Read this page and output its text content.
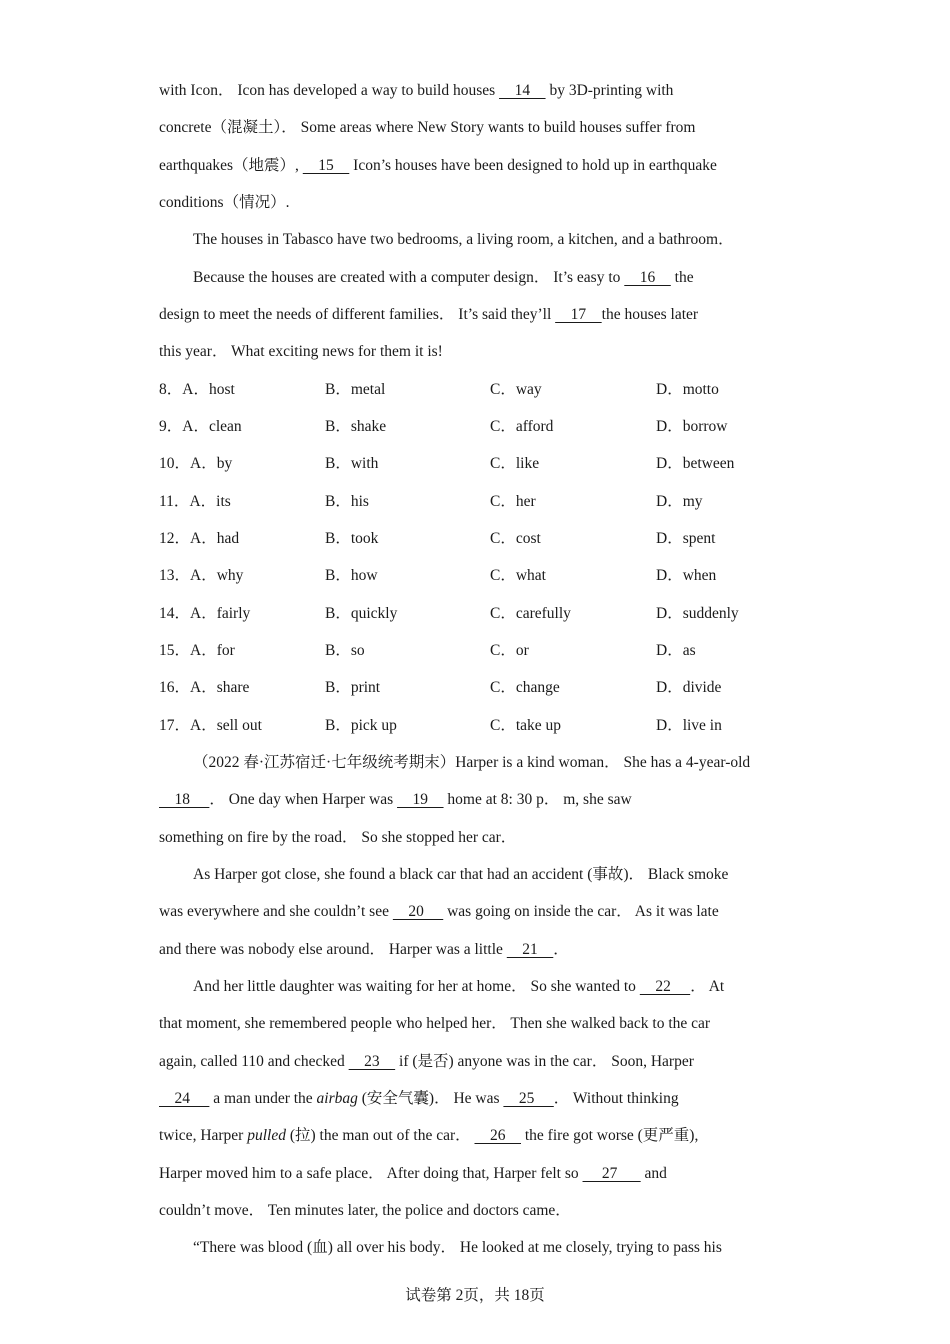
with Icon． Icon has developed a way to build houses     14     by 3D-printing with
concrete（混凝土）． Some areas where New Story wants to build houses suffer from
earthquakes（地震）,     15     Icon’s houses have been designed to hold up in earthquake
conditions（情况）.
The houses in Tabasco have two bedrooms, a living room, a kitchen, and a bathroom．
Because the houses are created with a computer design． It’s easy to     16     the
design to meet the needs of different families． It’s said they’ll     17    the houses later
this year． What exciting news for them it is!
8．A．host	B．metal	C．way	D．motto
9．A．clean	B．shake	C．afford	D．borrow
10．A．by	B．with	C．like	D．between
11．A．its	B．his	C．her	D．my
12．A．had	B．took	C．cost	D．spent
13．A．why	B．how	C．what	D．when
14．A．fairly	B．quickly	C．carefully	D．suddenly
15．A．for	B．so	C．or	D．as
16．A．share	B．print	C．change	D．divide
17．A．sell out	B．pick up	C．take up	D．live in
（2022 春·江苏宿迁·七年级统考期末）Harper is a kind woman． She has a 4-year-old
18     ． One day when Harper was     19     home at 8: 30 p． m, she saw
something on fire by the road． So she stopped her car．
As Harper got close, she found a black car that had an accident (事故)． Black smoke
was everywhere and she couldn’t see     20      was going on inside the car． As it was late
and there was nobody else around． Harper was a little     21    ．
And her little daughter was waiting for her at home． So she wanted to     22     ． At
that moment, she remembered people who helped her． Then she walked back to the car
again, called 110 and checked     23     if (是否) anyone was in the car． Soon, Harper
24      a man under the airbag (安全气囊)． He was     25     ． Without thinking
twice, Harper pulled (拉) the man out of the car．     26     the fire got worse (更严重),
Harper moved him to a safe place． After doing that, Harper felt so      27       and
couldn’t move． Ten minutes later, the police and doctors came．
“There was blood (血) all over his body． He looked at me closely, trying to pass his
试卷第 2页，共 18页
